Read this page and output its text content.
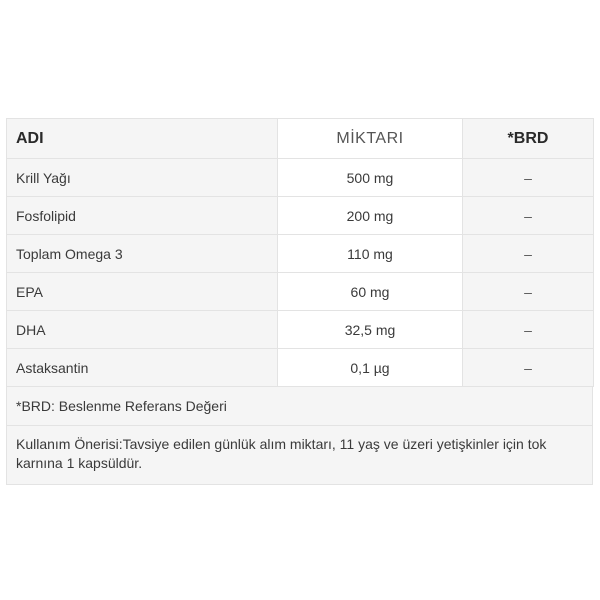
ADI	MİKTARI	*BRD
Krill Yağı	500 mg	–
Fosfolipid	200 mg	–
Toplam Omega 3	110 mg	–
EPA	60 mg	–
DHA	32,5 mg	–
Astaksantin	0,1 µg	–
*BRD: Beslenme Referans Değeri
Kullanım Önerisi:Tavsiye edilen günlük alım miktarı, 11 yaş ve üzeri yetişkinler için tok karnına 1 kapsüldür.
